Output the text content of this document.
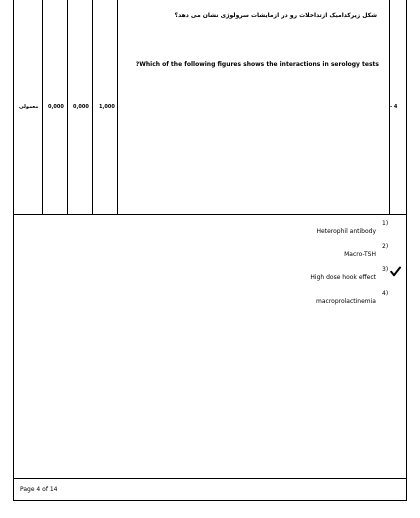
معمولی 0,000 0,000 1,000
شکل زیرکدامیک ازتداخلات رو در ازمایشات سرولوژی نشان می دهد؟
?Which of the following figures shows the interactions in serology tests
- 4
1)
Heterophil antibody
2)
Macro-TSH
3)
High dose hook effect
4)
macroprolactinemia
Page 4 of 14
